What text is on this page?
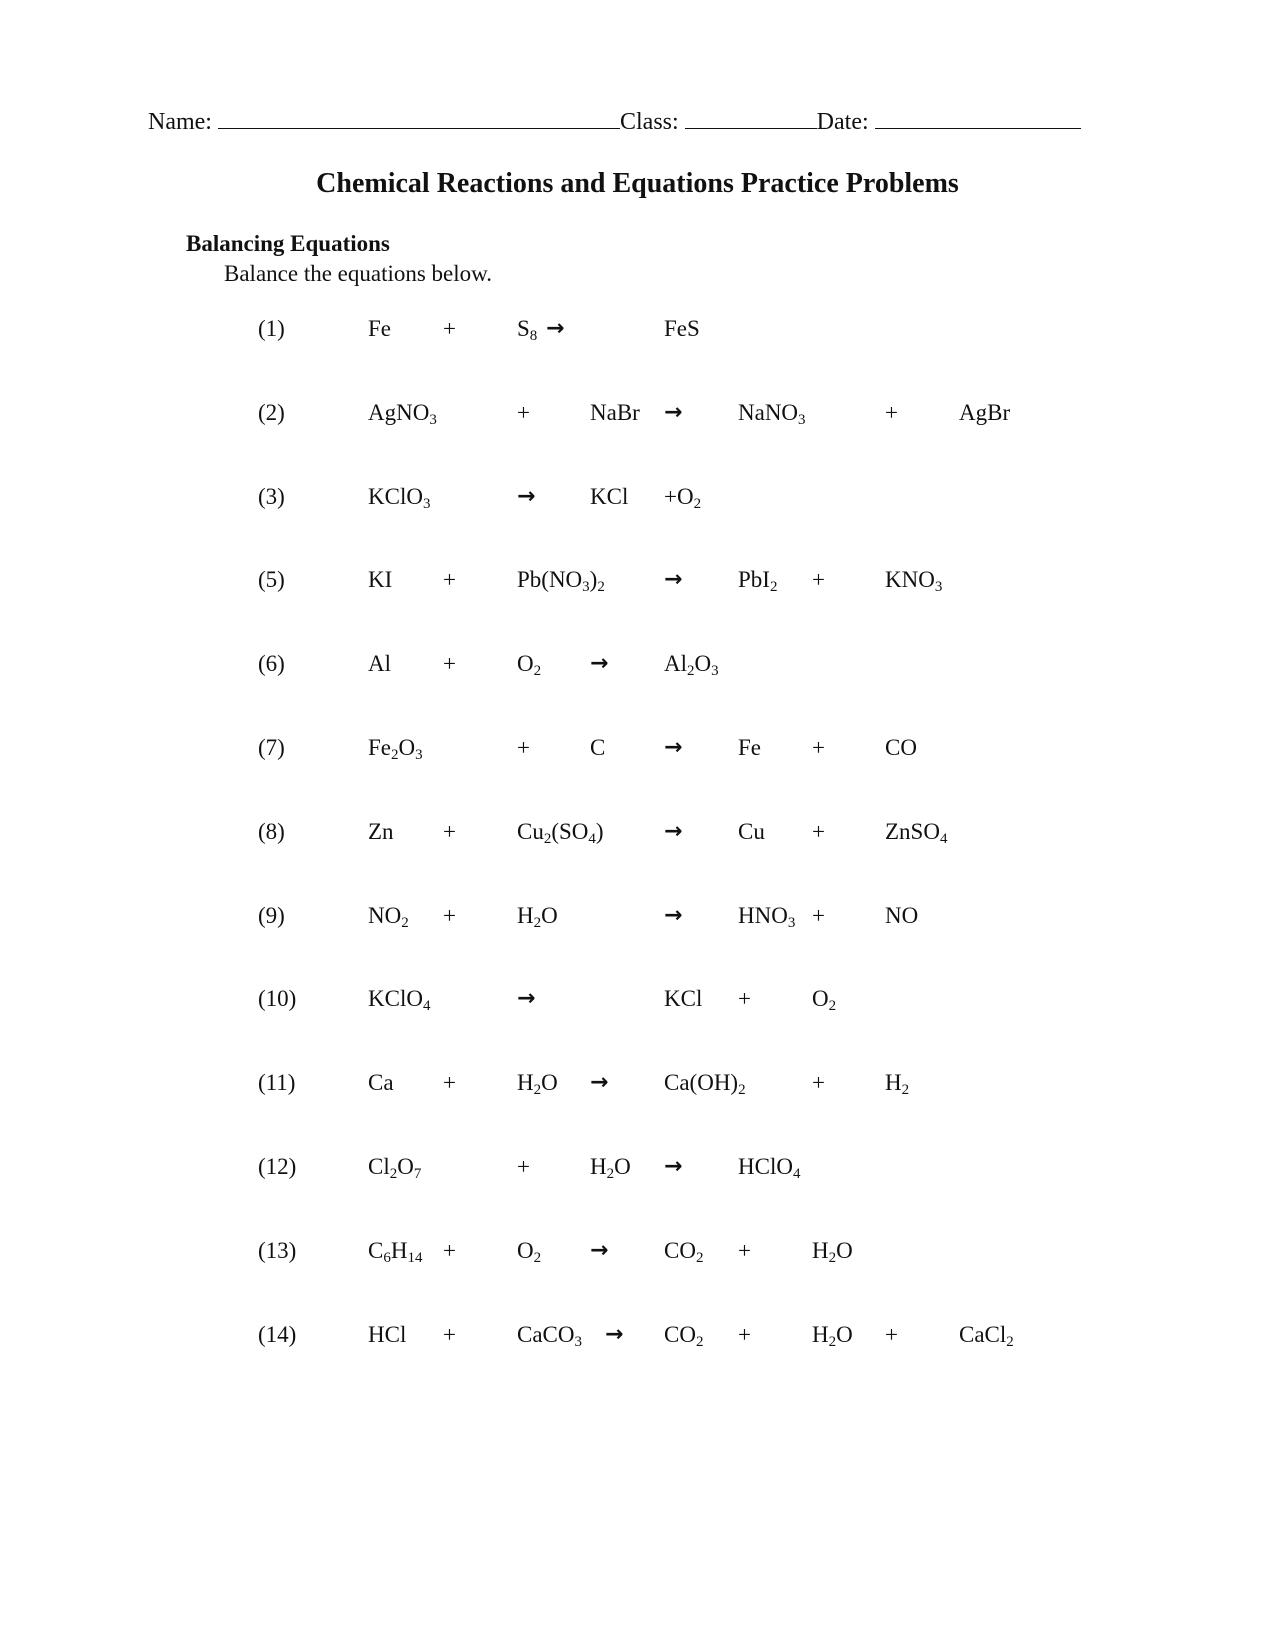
Name:	Class:	Date:
Chemical Reactions and Equations Practice Problems
Balancing Equations
Balance the equations below.
(1)	Fe +	$S_8$ →	FeS
(2)	AgNO$_3$	+	NaBr → NaNO$_3$	+	AgBr
(3)	KClO$_3$	→ KCl $+O_2$
(5)	KI +	$Pb(NO_3)_2$	→ PbI$_2$ +	$KNO_3$
(6)	Al +	$O_2 \to Al_2O_3$
(7)	$Fe_2O_3$	+	C	→ Fe +	CO
(8)	Zn +	$Cu_2(SO_4)$	→ Cu +	ZnSO$_4$
(9)	$NO_2$ +	$H_2O$	→ $HNO_3$ +	NO
(10)	KClO$_4$	→	KCl +	$O_2$
(11)	Ca +	$H_2O \to Ca(OH)_2$	+	$H_2$
(12)	$Cl_2O_7$	+	$H_2O$ → HClO$_4$
(13)	$C_6H_{14}$ +	$O_2 \to CO_2$ +	$H_2O$
(14)	HCl +	CaCO$_3$ → $CO_2$ +	$H_2O$ +	CaCl$_2$
